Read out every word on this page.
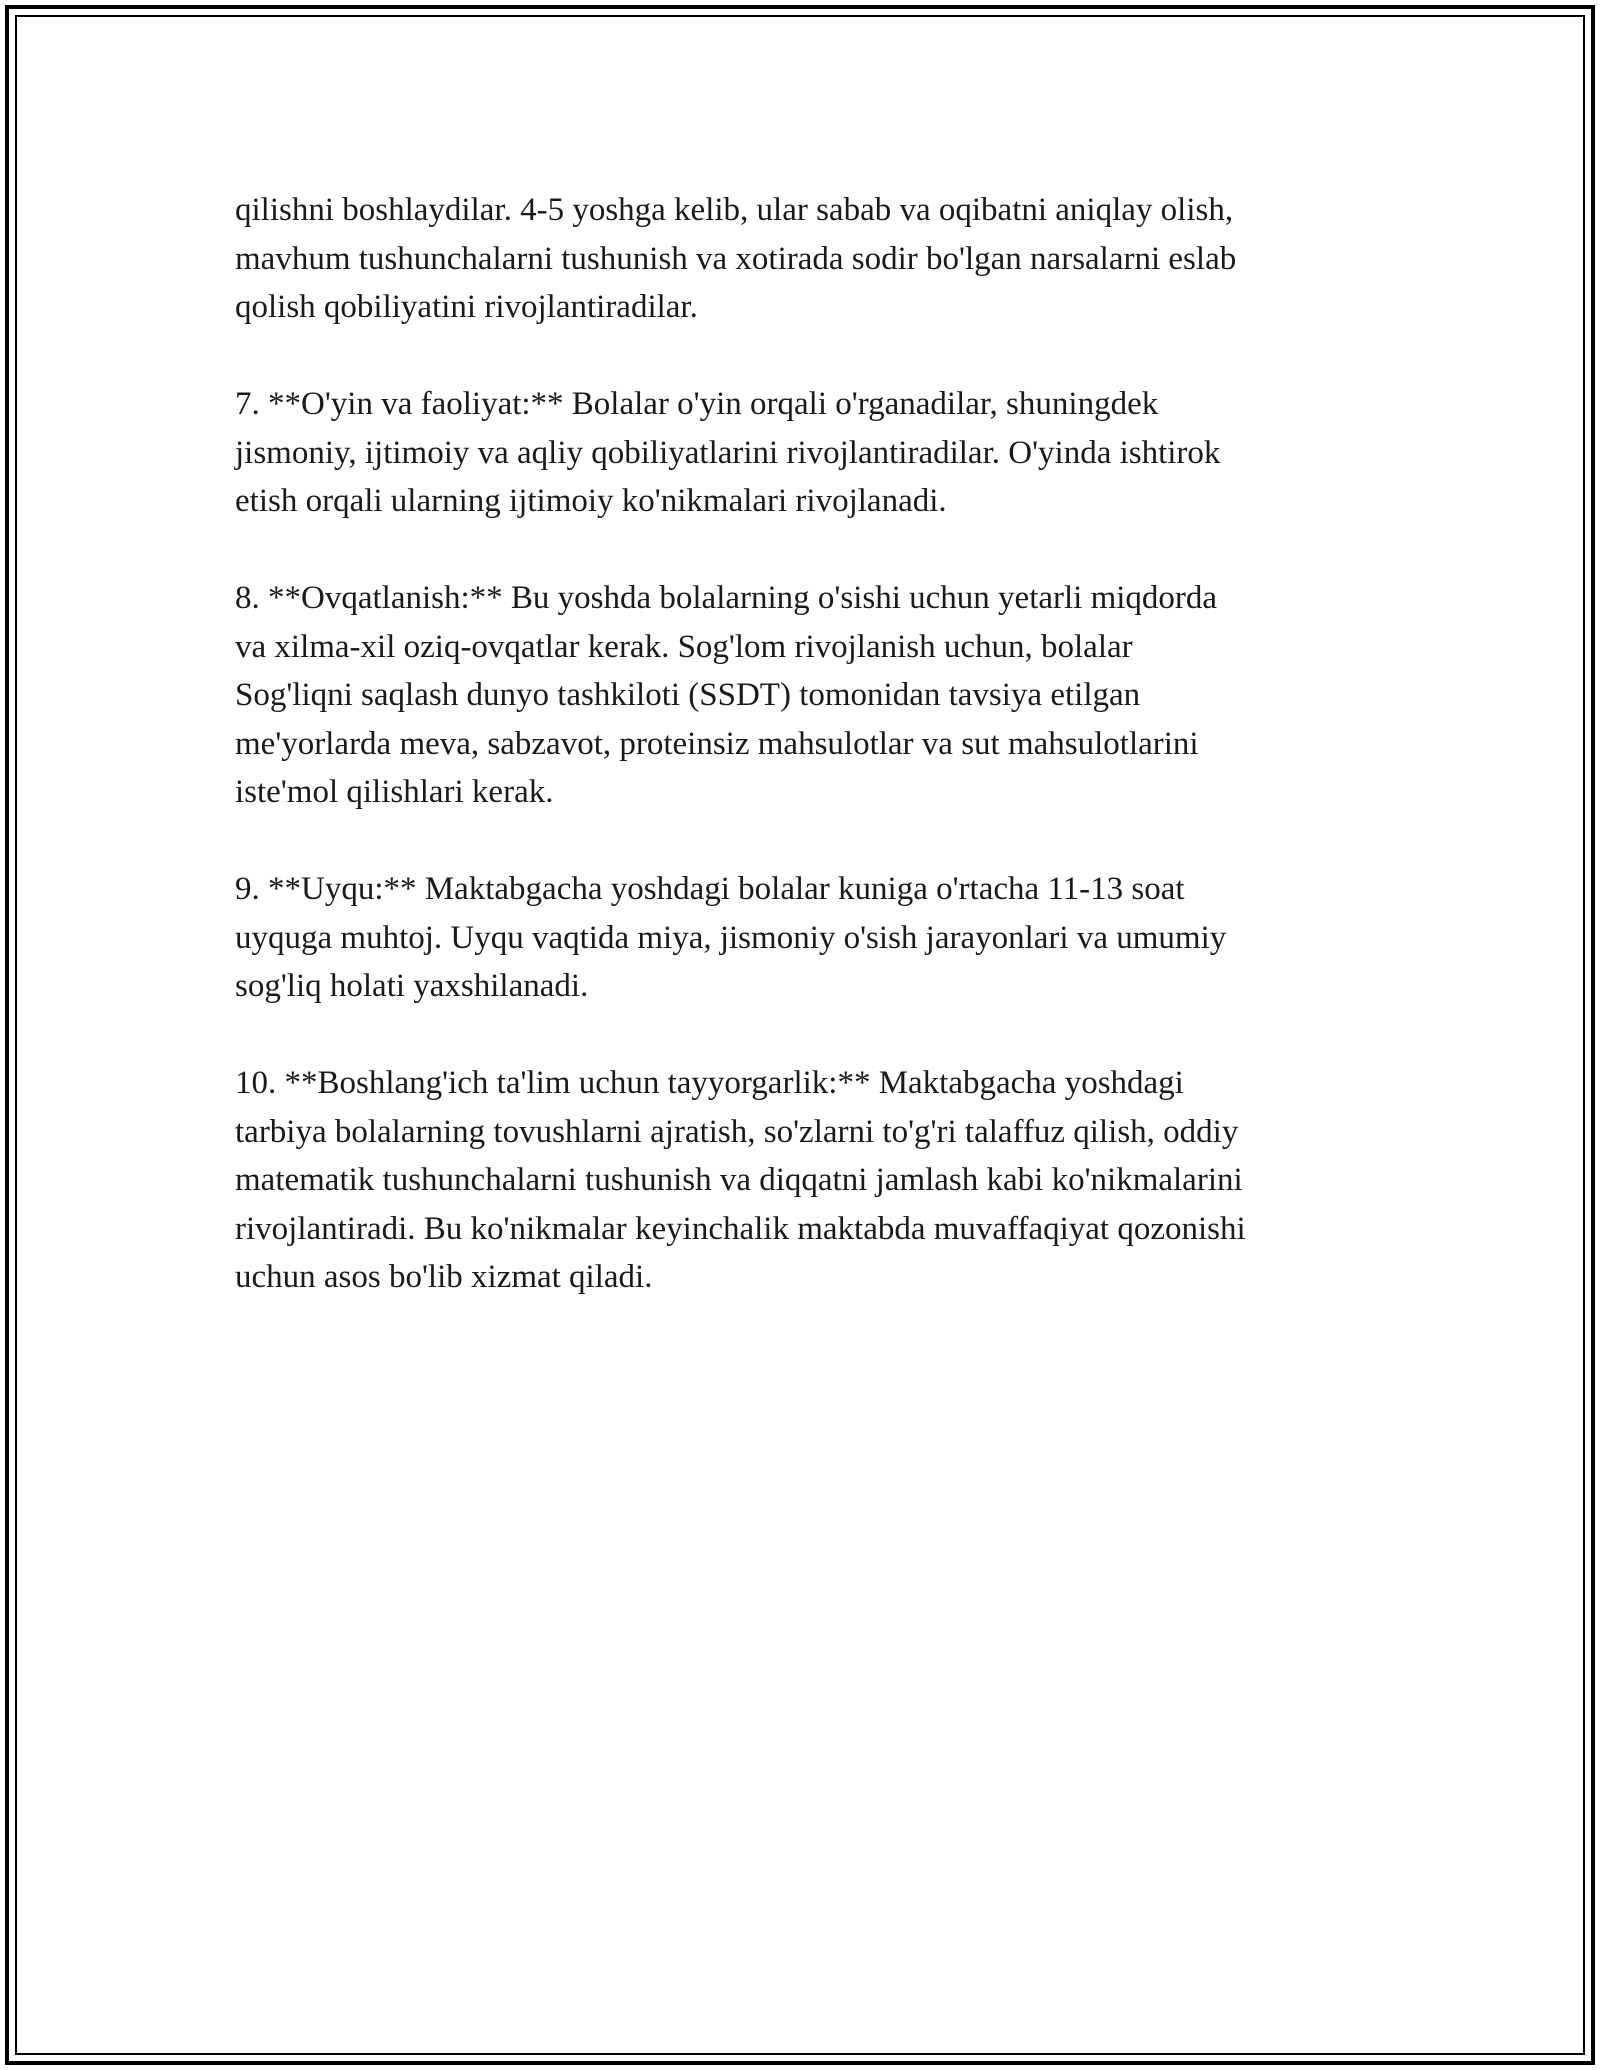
qilishni boshlaydilar. 4-5 yoshga kelib, ular sabab va oqibatni aniqlay olish,
mavhum tushunchalarni tushunish va xotirada sodir bo'lgan narsalarni eslab
qolish qobiliyatini rivojlantiradilar.

7. **O'yin va faoliyat:** Bolalar o'yin orqali o'rganadilar, shuningdek
jismoniy, ijtimoiy va aqliy qobiliyatlarini rivojlantiradilar. O'yinda ishtirok
etish orqali ularning ijtimoiy ko'nikmalari rivojlanadi.

8. **Ovqatlanish:** Bu yoshda bolalarning o'sishi uchun yetarli miqdorda
va xilma-xil oziq-ovqatlar kerak. Sog'lom rivojlanish uchun, bolalar
Sog'liqni saqlash dunyo tashkiloti (SSDT) tomonidan tavsiya etilgan
me'yorlarda meva, sabzavot, proteinsiz mahsulotlar va sut mahsulotlarini
iste'mol qilishlari kerak.

9. **Uyqu:** Maktabgacha yoshdagi bolalar kuniga o'rtacha 11-13 soat
uyquga muhtoj. Uyqu vaqtida miya, jismoniy o'sish jarayonlari va umumiy
sog'liq holati yaxshilanadi.

10. **Boshlang'ich ta'lim uchun tayyorgarlik:** Maktabgacha yoshdagi
tarbiya bolalarning tovushlarni ajratish, so'zlarni to'g'ri talaffuz qilish, oddiy
matematik tushunchalarni tushunish va diqqatni jamlash kabi ko'nikmalarini
rivojlantiradi. Bu ko'nikmalar keyinchalik maktabda muvaffaqiyat qozonishi
uchun asos bo'lib xizmat qiladi.
